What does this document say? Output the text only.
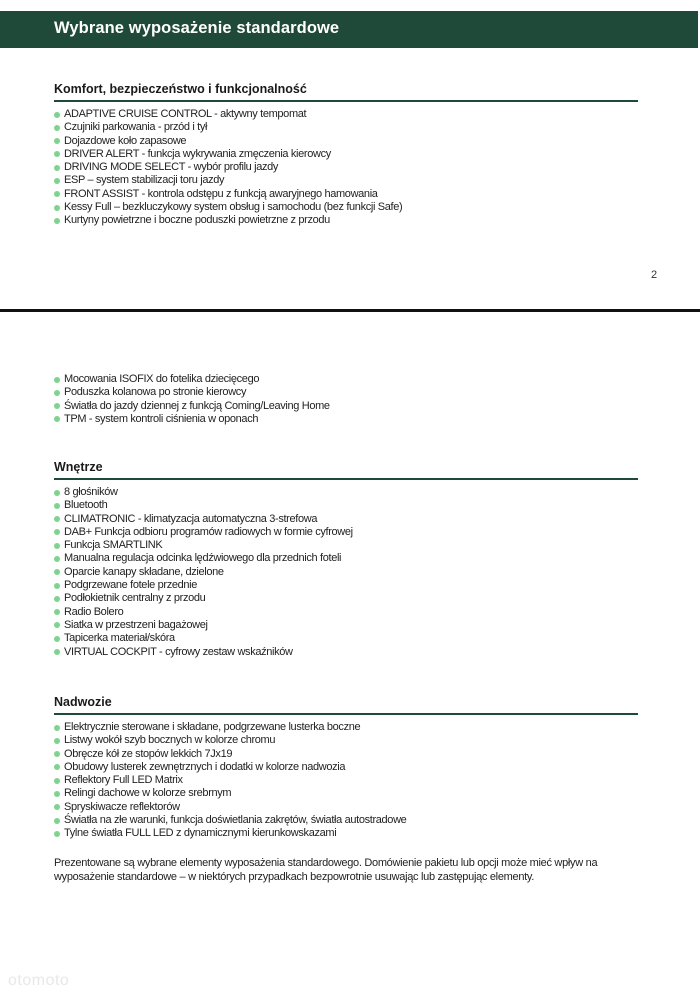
Wybrane wyposażenie standardowe
Komfort, bezpieczeństwo i funkcjonalność
ADAPTIVE CRUISE CONTROL - aktywny tempomat
Czujniki parkowania - przód i tył
Dojazdowe koło zapasowe
DRIVER ALERT - funkcja wykrywania zmęczenia kierowcy
DRIVING MODE SELECT - wybór profilu jazdy
ESP – system stabilizacji toru jazdy
FRONT ASSIST - kontrola odstępu z funkcją awaryjnego hamowania
Kessy Full – bezkluczykowy system obsług i samochodu (bez funkcji Safe)
Kurtyny powietrzne i boczne poduszki powietrzne z przodu
2
Mocowania ISOFIX do fotelika dziecięcego
Poduszka kolanowa po stronie kierowcy
Światła do jazdy dziennej z funkcją Coming/Leaving Home
TPM - system kontroli ciśnienia w oponach
Wnętrze
8 głośników
Bluetooth
CLIMATRONIC - klimatyzacja automatyczna 3-strefowa
DAB+ Funkcja odbioru programów radiowych w formie cyfrowej
Funkcja SMARTLINK
Manualna regulacja odcinka lędźwiowego dla przednich foteli
Oparcie kanapy składane, dzielone
Podgrzewane fotele przednie
Podłokietnik centralny z przodu
Radio Bolero
Siatka w przestrzeni bagażowej
Tapicerka materiał/skóra
VIRTUAL COCKPIT - cyfrowy zestaw wskaźników
Nadwozie
Elektrycznie sterowane i składane, podgrzewane lusterka boczne
Listwy wokół szyb bocznych w kolorze chromu
Obręcze kół ze stopów lekkich 7Jx19
Obudowy lusterek zewnętrznych i dodatki w kolorze nadwozia
Reflektory Full LED Matrix
Relingi dachowe w kolorze srebrnym
Spryskiwacze reflektorów
Światła na złe warunki, funkcja doświetlania zakrętów, światła autostradowe
Tylne światła FULL LED z dynamicznymi kierunkowskazami
Prezentowane są wybrane elementy wyposażenia standardowego. Domówienie pakietu lub opcji może mieć wpływ na wyposażenie standardowe – w niektórych przypadkach bezpowrotnie usuwając lub zastępując elementy.
otomoto
